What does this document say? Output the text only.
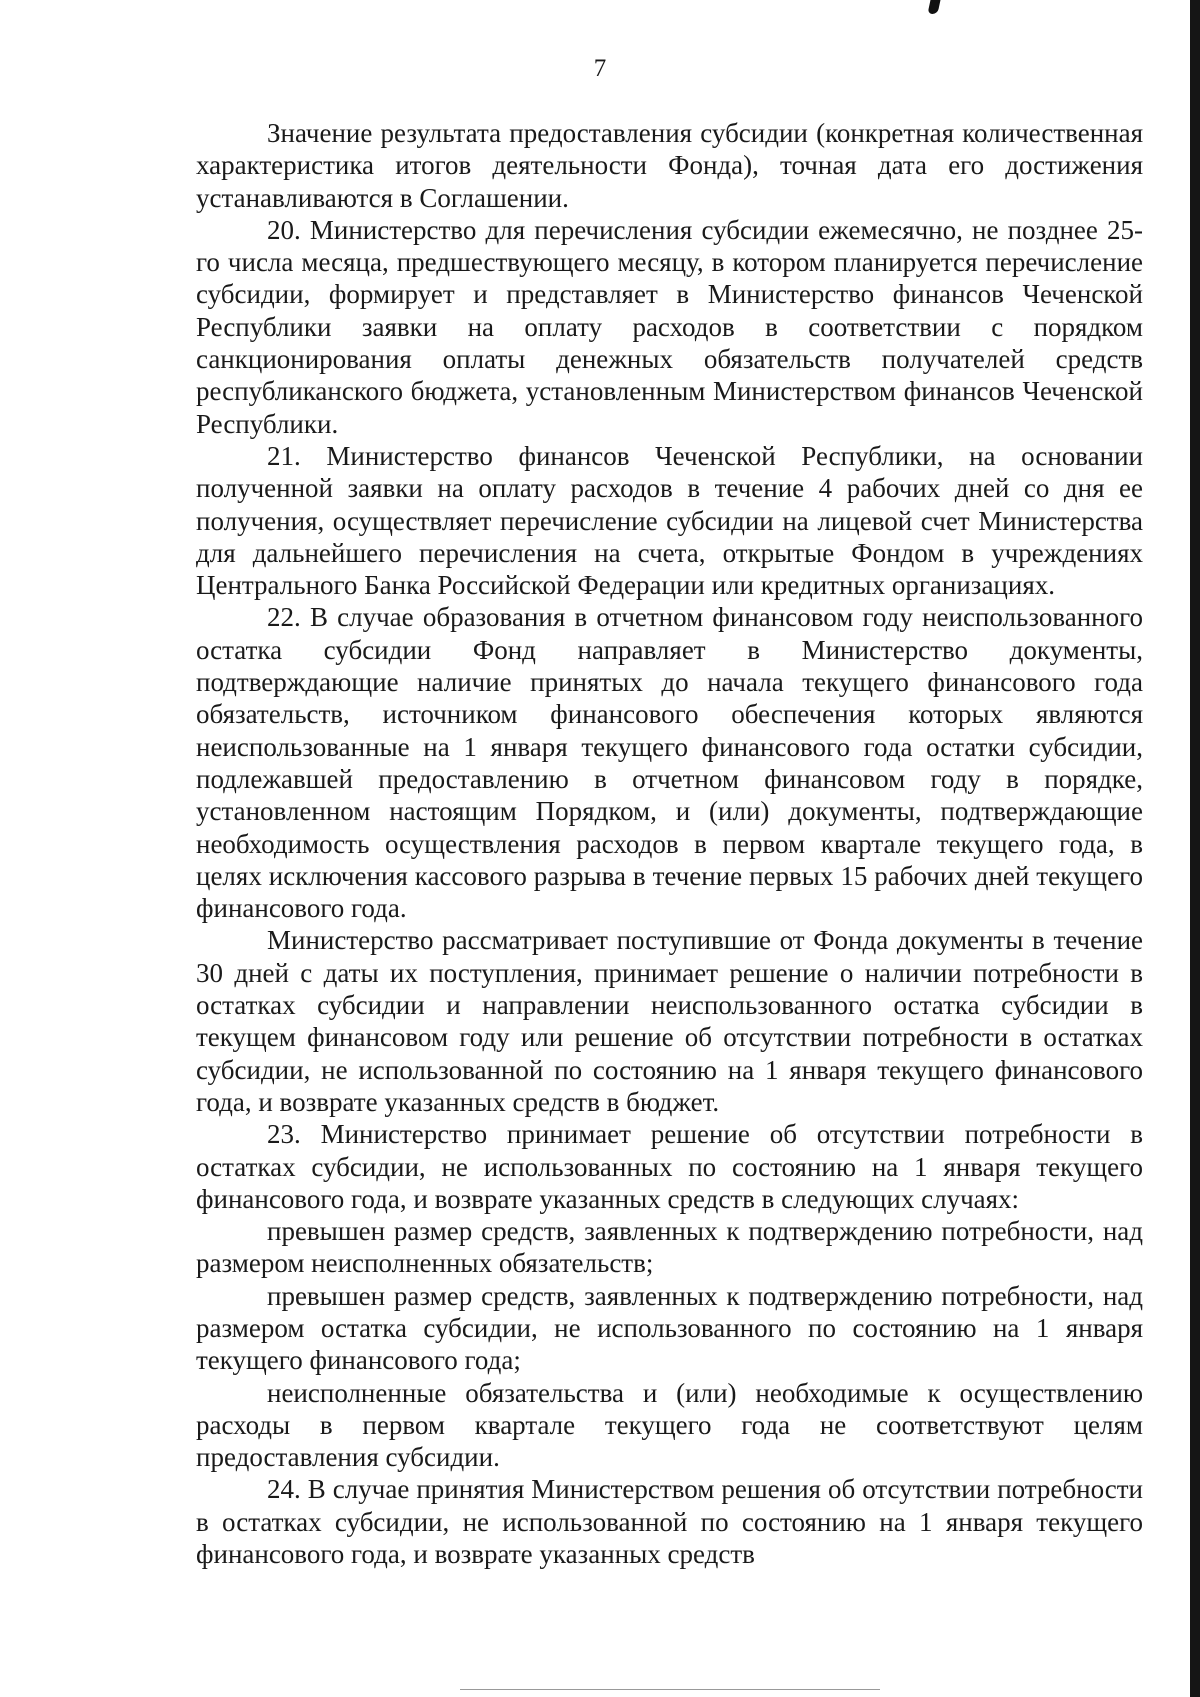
7

Значение результата предоставления субсидии (конкретная количественная характеристика итогов деятельности Фонда), точная дата его достижения устанавливаются в Соглашении.

20. Министерство для перечисления субсидии ежемесячно, не позднее 25-го числа месяца, предшествующего месяцу, в котором планируется перечисление субсидии, формирует и представляет в Министерство финансов Чеченской Республики заявки на оплату расходов в соответствии с порядком санкционирования оплаты денежных обязательств получателей средств республиканского бюджета, установленным Министерством финансов Чеченской Республики.

21. Министерство финансов Чеченской Республики, на основании полученной заявки на оплату расходов в течение 4 рабочих дней со дня ее получения, осуществляет перечисление субсидии на лицевой счет Министерства для дальнейшего перечисления на счета, открытые Фондом в учреждениях Центрального Банка Российской Федерации или кредитных организациях.

22. В случае образования в отчетном финансовом году неиспользованного остатка субсидии Фонд направляет в Министерство документы, подтверждающие наличие принятых до начала текущего финансового года обязательств, источником финансового обеспечения которых являются неиспользованные на 1 января текущего финансового года остатки субсидии, подлежавшей предоставлению в отчетном финансовом году в порядке, установленном настоящим Порядком, и (или) документы, подтверждающие необходимость осуществления расходов в первом квартале текущего года, в целях исключения кассового разрыва в течение первых 15 рабочих дней текущего финансового года.

Министерство рассматривает поступившие от Фонда документы в течение 30 дней с даты их поступления, принимает решение о наличии потребности в остатках субсидии и направлении неиспользованного остатка субсидии в текущем финансовом году или решение об отсутствии потребности в остатках субсидии, не использованной по состоянию на 1 января текущего финансового года, и возврате указанных средств в бюджет.

23. Министерство принимает решение об отсутствии потребности в остатках субсидии, не использованных по состоянию на 1 января текущего финансового года, и возврате указанных средств в следующих случаях:

превышен размер средств, заявленных к подтверждению потребности, над размером неисполненных обязательств;

превышен размер средств, заявленных к подтверждению потребности, над размером остатка субсидии, не использованного по состоянию на 1 января текущего финансового года;

неисполненные обязательства и (или) необходимые к осуществлению расходы в первом квартале текущего года не соответствуют целям предоставления субсидии.

24. В случае принятия Министерством решения об отсутствии потребности в остатках субсидии, не использованной по состоянию на 1 января текущего финансового года, и возврате указанных средств
